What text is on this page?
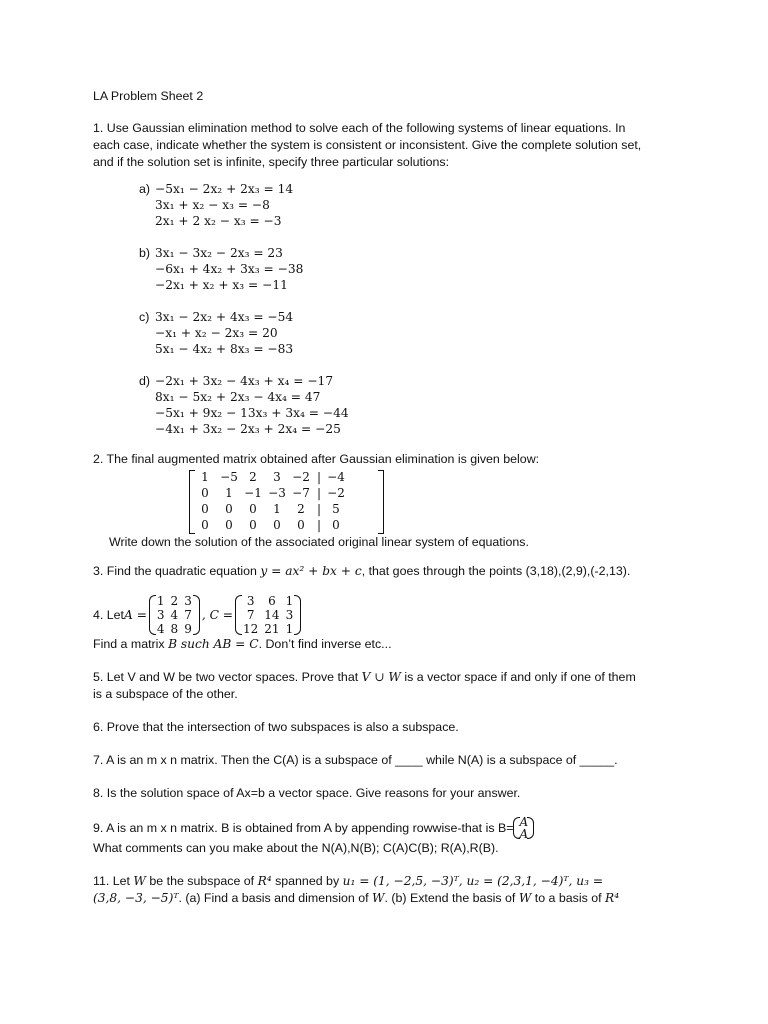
LA Problem Sheet 2
1. Use Gaussian elimination method to solve each of the following systems of linear equations. In
each case, indicate whether the system is consistent or inconsistent. Give the complete solution set,
and if the solution set is infinite, specify three particular solutions:
a) −5x₁ − 2x₂ + 2x₃ = 14
3x₁ + x₂ − x₃ = −8
2x₁ + 2 x₂ − x₃ = −3
b) 3x₁ − 3x₂ − 2x₃ = 23
−6x₁ + 4x₂ + 3x₃ = −38
−2x₁ + x₂ + x₃ = −11
c) 3x₁ − 2x₂ + 4x₃ = −54
−x₁ + x₂ − 2x₃ = 20
5x₁ − 4x₂ + 8x₃ = −83
d) −2x₁ + 3x₂ − 4x₃ + x₄ = −17
8x₁ − 5x₂ + 2x₃ − 4x₄ = 47
−5x₁ + 9x₂ − 13x₃ + 3x₄ = −44
−4x₁ + 3x₂ − 2x₃ + 2x₄ = −25
2. The final augmented matrix obtained after Gaussian elimination is given below:
1	−5	2	3	−2	|	−4
0	1	−1	−3	−7	|	−2
0	0	0	1	2	|	5
0	0	0	0	0	|	0
Write down the solution of the associated original linear system of equations.
3. Find the quadratic equation y = ax² + bx + c, that goes through the points (3,18),(2,9),(-2,13).
4. Let A =
1	2	3
3	4	7
4	8	9
, C =
3	6	1
7	14	3
12	21	1
Find a matrix B such AB = C. Don’t find inverse etc...
5. Let V and W be two vector spaces. Prove that V ∪ W is a vector space if and only if one of them
is a subspace of the other.
6. Prove that the intersection of two subspaces is also a subspace.
7. A is an m x n matrix. Then the C(A) is a subspace of ____ while N(A) is a subspace of _____.
8. Is the solution space of Ax=b a vector space. Give reasons for your answer.
9. A is an m x n matrix. B is obtained from A by appending rowwise-that is B= A
A
What comments can you make about the N(A),N(B); C(A)C(B); R(A),R(B).
11. Let W be the subspace of R⁴ spanned by u₁ = (1, −2,5, −3)ᵀ, u₂ = (2,3,1, −4)ᵀ, u₃ =
(3,8, −3, −5)ᵀ. (a) Find a basis and dimension of W. (b) Extend the basis of W to a basis of R⁴
